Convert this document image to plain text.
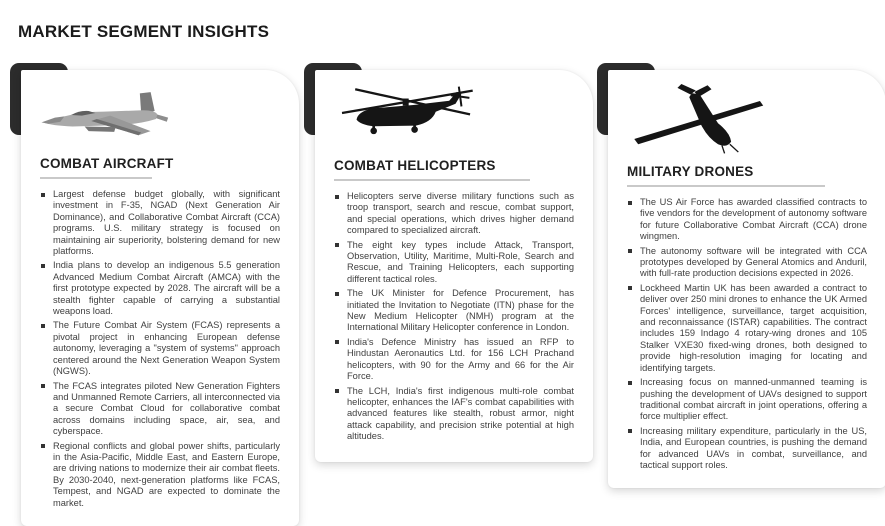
MARKET SEGMENT INSIGHTS
COMBAT AIRCRAFT
Largest defense budget globally, with significant investment in F-35, NGAD (Next Generation Air Dominance), and Collaborative Combat Aircraft (CCA) programs. U.S. military strategy is focused on maintaining air superiority, bolstering demand for new platforms.
India plans to develop an indigenous 5.5 generation Advanced Medium Combat Aircraft (AMCA) with the first prototype expected by 2028. The aircraft will be a stealth fighter capable of carrying a substantial weapons load.
The Future Combat Air System (FCAS) represents a pivotal project in enhancing European defense autonomy, leveraging a "system of systems" approach centered around the Next Generation Weapon System (NGWS).
The FCAS integrates piloted New Generation Fighters and Unmanned Remote Carriers, all interconnected via a secure Combat Cloud for collaborative combat across domains including space, air, sea, and cyberspace.
Regional conflicts and global power shifts, particularly in the Asia-Pacific, Middle East, and Eastern Europe, are driving nations to modernize their air combat fleets. By 2030-2040, next-generation platforms like FCAS, Tempest, and NGAD are expected to dominate the market.
COMBAT HELICOPTERS
Helicopters serve diverse military functions such as troop transport, search and rescue, combat support, and special operations, which drives higher demand compared to specialized aircraft.
The eight key types include Attack, Transport, Observation, Utility, Maritime, Multi-Role, Search and Rescue, and Training Helicopters, each supporting different tactical roles.
The UK Minister for Defence Procurement, has initiated the Invitation to Negotiate (ITN) phase for the New Medium Helicopter (NMH) program at the International Military Helicopter conference in London.
India's Defence Ministry has issued an RFP to Hindustan Aeronautics Ltd. for 156 LCH Prachand helicopters, with 90 for the Army and 66 for the Air Force.
The LCH, India's first indigenous multi-role combat helicopter, enhances the IAF's combat capabilities with advanced features like stealth, robust armor, night attack capability, and precision strike potential at high altitudes.
MILITARY DRONES
The US Air Force has awarded classified contracts to five vendors for the development of autonomy software for future Collaborative Combat Aircraft (CCA) drone wingmen.
The autonomy software will be integrated with CCA prototypes developed by General Atomics and Anduril, with full-rate production decisions expected in 2026.
Lockheed Martin UK has been awarded a contract to deliver over 250 mini drones to enhance the UK Armed Forces' intelligence, surveillance, target acquisition, and reconnaissance (ISTAR) capabilities. The contract includes 159 Indago 4 rotary-wing drones and 105 Stalker VXE30 fixed-wing drones, both designed to provide high-resolution imaging for locating and identifying targets.
Increasing focus on manned-unmanned teaming is pushing the development of UAVs designed to support traditional combat aircraft in joint operations, offering a force multiplier effect.
Increasing military expenditure, particularly in the US, India, and European countries, is pushing the demand for advanced UAVs in combat, surveillance, and tactical support roles.
